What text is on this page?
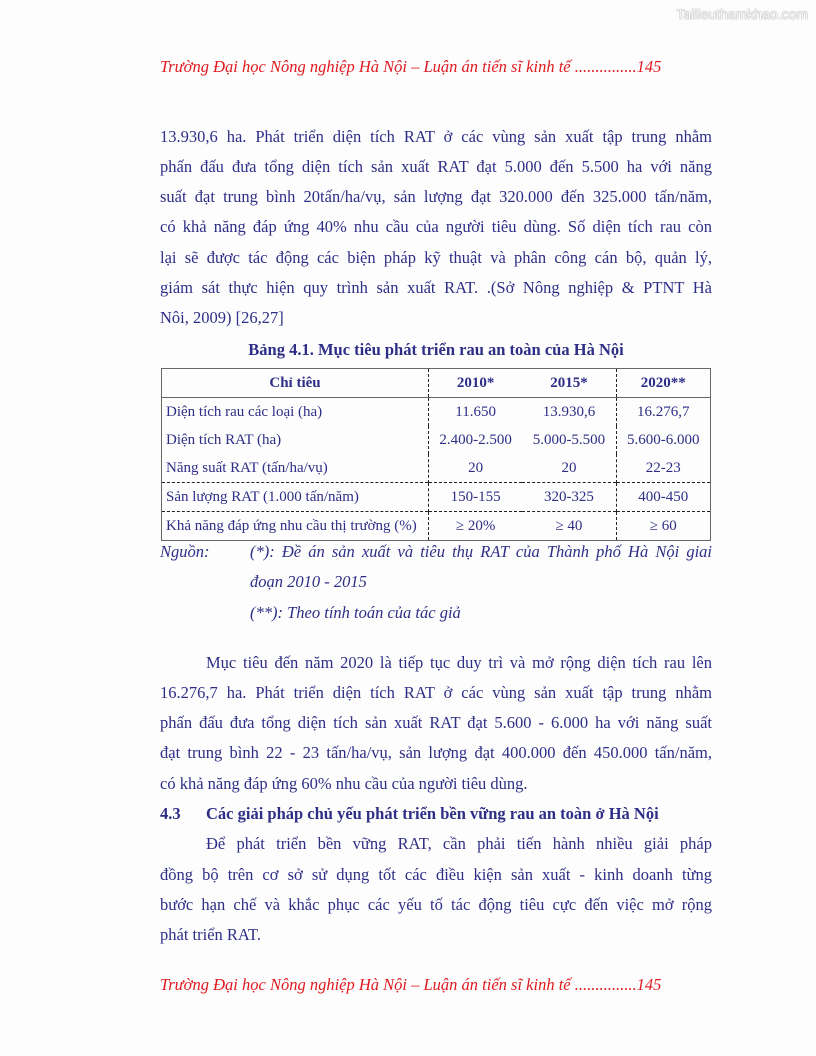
Tailieuthamkhao.com
Trường Đại học Nông nghiệp Hà Nội – Luận án tiến sĩ kinh tế ...............145
13.930,6 ha. Phát triển diện tích RAT ở các vùng sản xuất tập trung nhằm
phấn đấu đưa tổng diện tích sản xuất RAT đạt 5.000 đến 5.500 ha với năng
suất đạt trung bình 20tấn/ha/vụ, sản lượng đạt 320.000 đến 325.000 tấn/năm,
có khả năng đáp ứng 40% nhu cầu của người tiêu dùng. Số diện tích rau còn
lại sẽ được tác động các biện pháp kỹ thuật và phân công cán bộ, quản lý,
giám sát thực hiện quy trình sản xuất RAT. .(Sở Nông nghiệp & PTNT Hà
Nôi, 2009) [26,27]
Bảng 4.1. Mục tiêu phát triển rau an toàn của Hà Nội
Chỉ tiêu	2010*	2015*	2020**
Diện tích rau các loại (ha)	11.650	13.930,6	16.276,7
Diện tích RAT (ha)	2.400-2.500	5.000-5.500	5.600-6.000
Năng suất RAT (tấn/ha/vụ)	20	20	22-23
Sản lượng RAT (1.000 tấn/năm)	150-155	320-325	400-450
Khả năng đáp ứng nhu cầu thị trường (%)	≥ 20%	≥ 40	≥ 60
Nguồn: (*): Đề án sản xuất và tiêu thụ RAT của Thành phố Hà Nội giai
đoạn 2010 - 2015
(**): Theo tính toán của tác giả
Mục tiêu đến năm 2020 là tiếp tục duy trì và mở rộng diện tích rau lên
16.276,7 ha. Phát triển diện tích RAT ở các vùng sản xuất tập trung nhằm
phấn đấu đưa tổng diện tích sản xuất RAT đạt 5.600 - 6.000 ha với năng suất
đạt trung bình 22 - 23 tấn/ha/vụ, sản lượng đạt 400.000 đến 450.000 tấn/năm,
có khả năng đáp ứng 60% nhu cầu của người tiêu dùng.
4.3 Các giải pháp chủ yếu phát triển bền vững rau an toàn ở Hà Nội
Để phát triển bền vững RAT, cần phải tiến hành nhiều giải pháp
đồng bộ trên cơ sở sử dụng tốt các điều kiện sản xuất - kinh doanh từng
bước hạn chế và khắc phục các yếu tố tác động tiêu cực đến việc mở rộng
phát triển RAT.
Trường Đại học Nông nghiệp Hà Nội – Luận án tiến sĩ kinh tế ...............145
